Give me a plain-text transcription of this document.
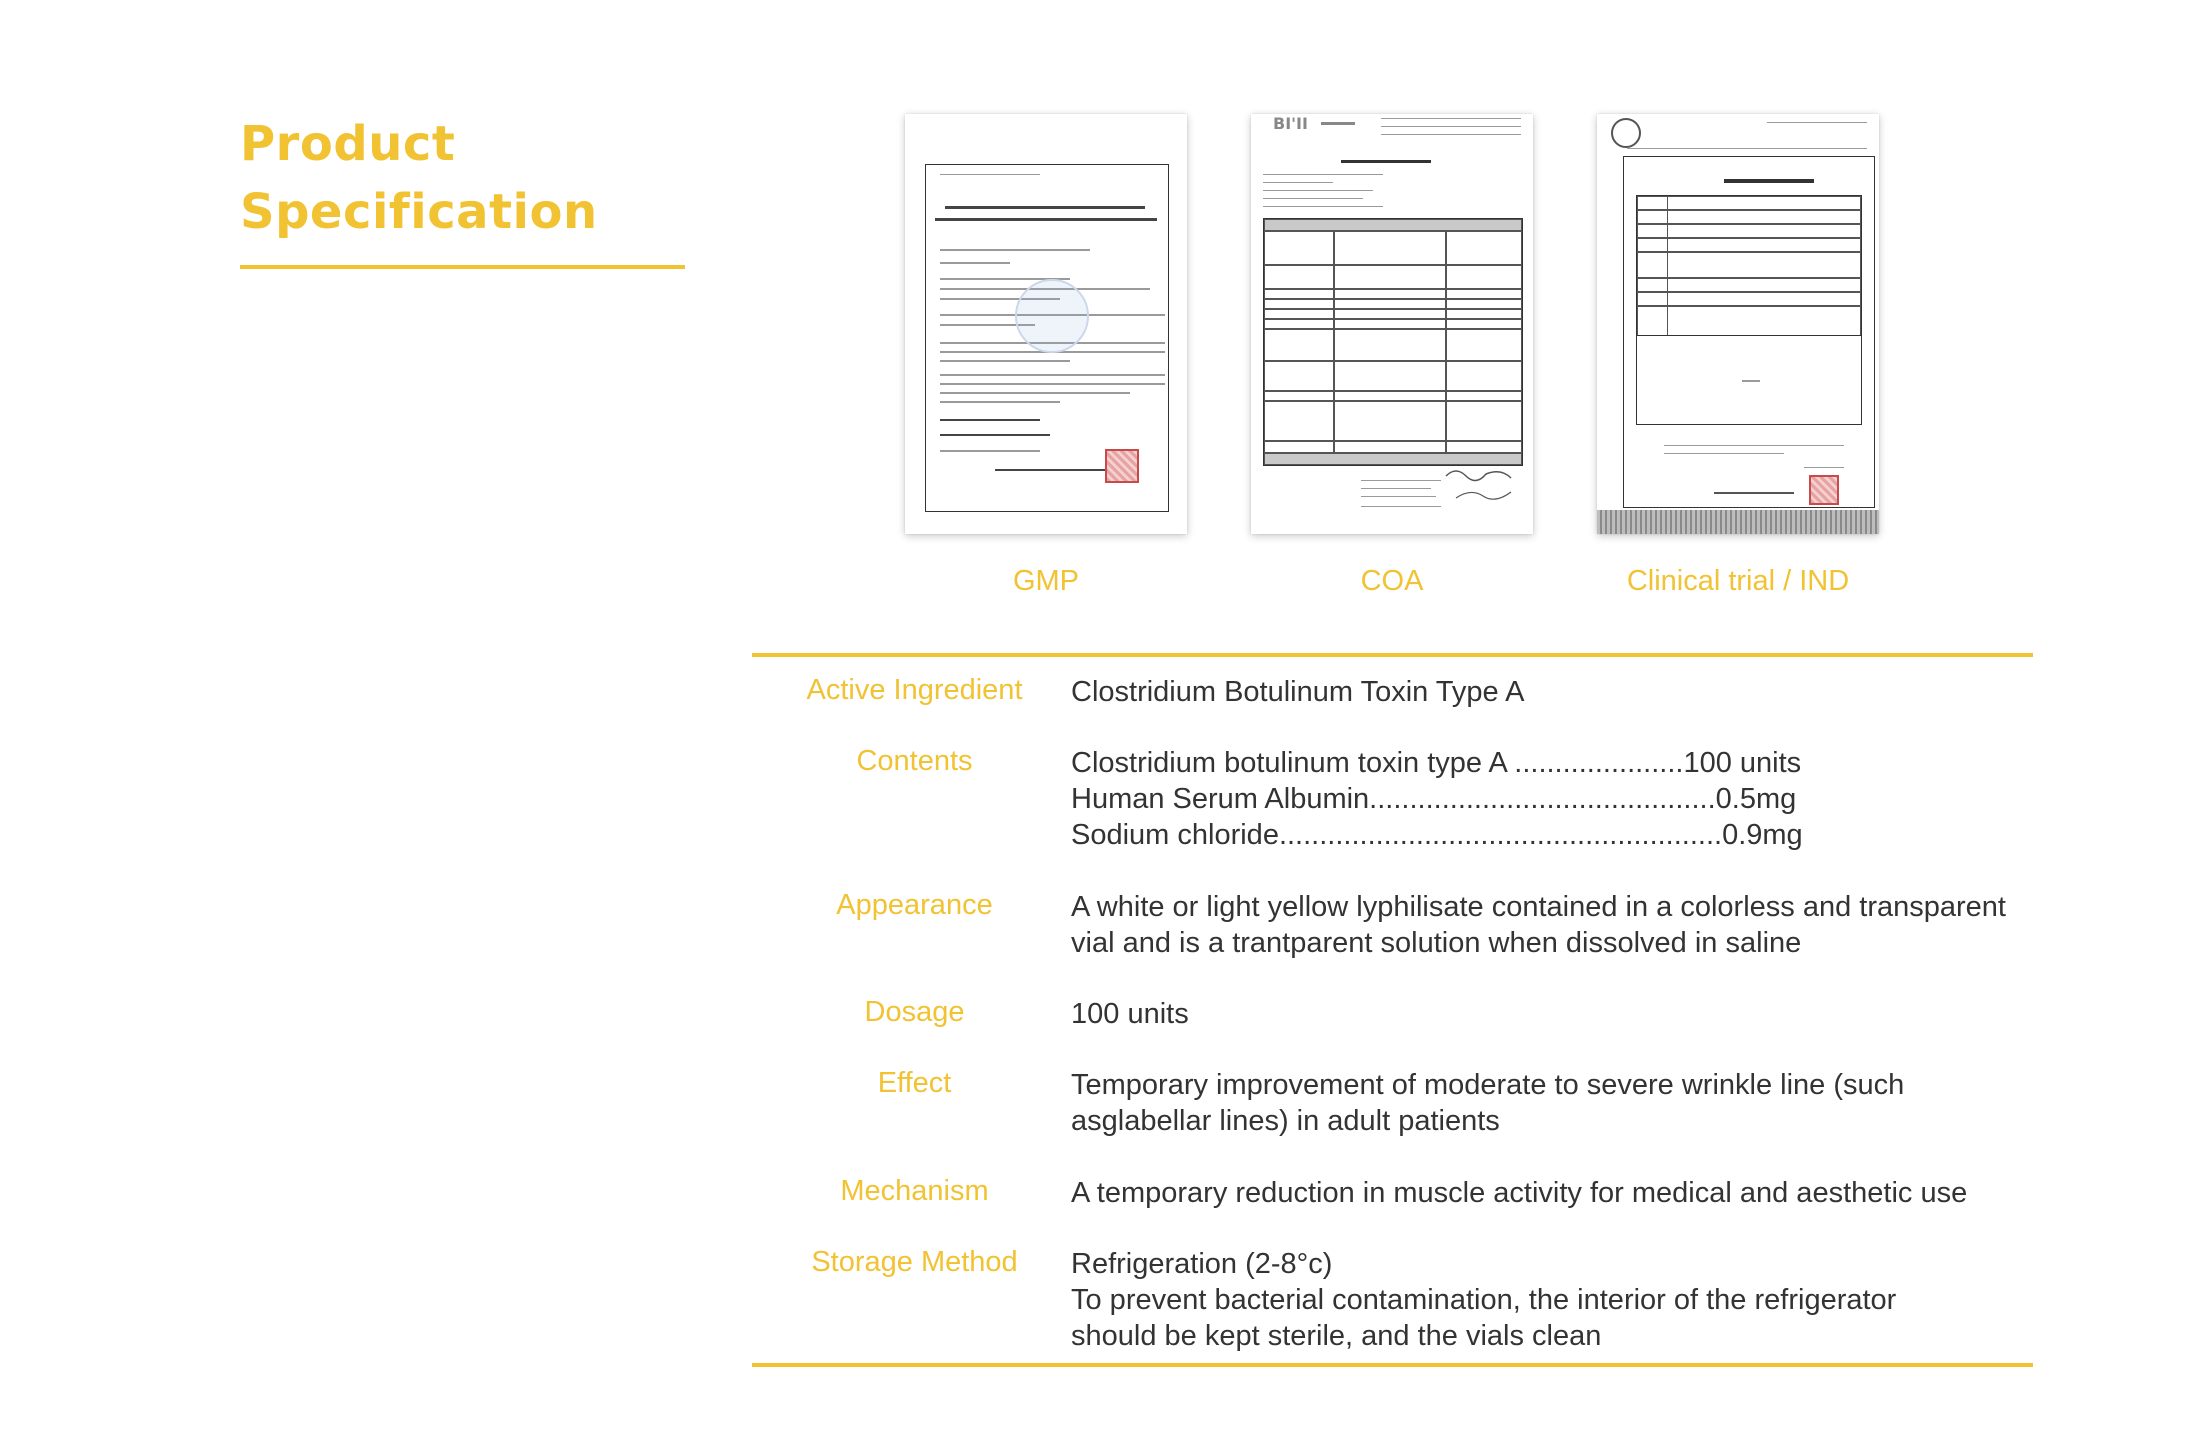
Product
Specification
GMP
BI'II
COA	Clinical trial / IND
Active Ingredient	Clostridium Botulinum Toxin Type A
Contents	Clostridium botulinum toxin type A .....................100 units
Human Serum Albumin...........................................0.5mg
Sodium chloride.......................................................0.9mg
Appearance	A white or light yellow lyphilisate contained in a colorless and transparent
vial and is a trantparent solution when dissolved in saline
Dosage	100 units
Effect	Temporary improvement of moderate to severe wrinkle line (such
asglabellar lines) in adult patients
Mechanism	A temporary reduction in muscle activity for medical and aesthetic use
Storage Method	Refrigeration (2-8°c)
To prevent bacterial contamination, the interior of the refrigerator
should be kept sterile, and the vials clean
